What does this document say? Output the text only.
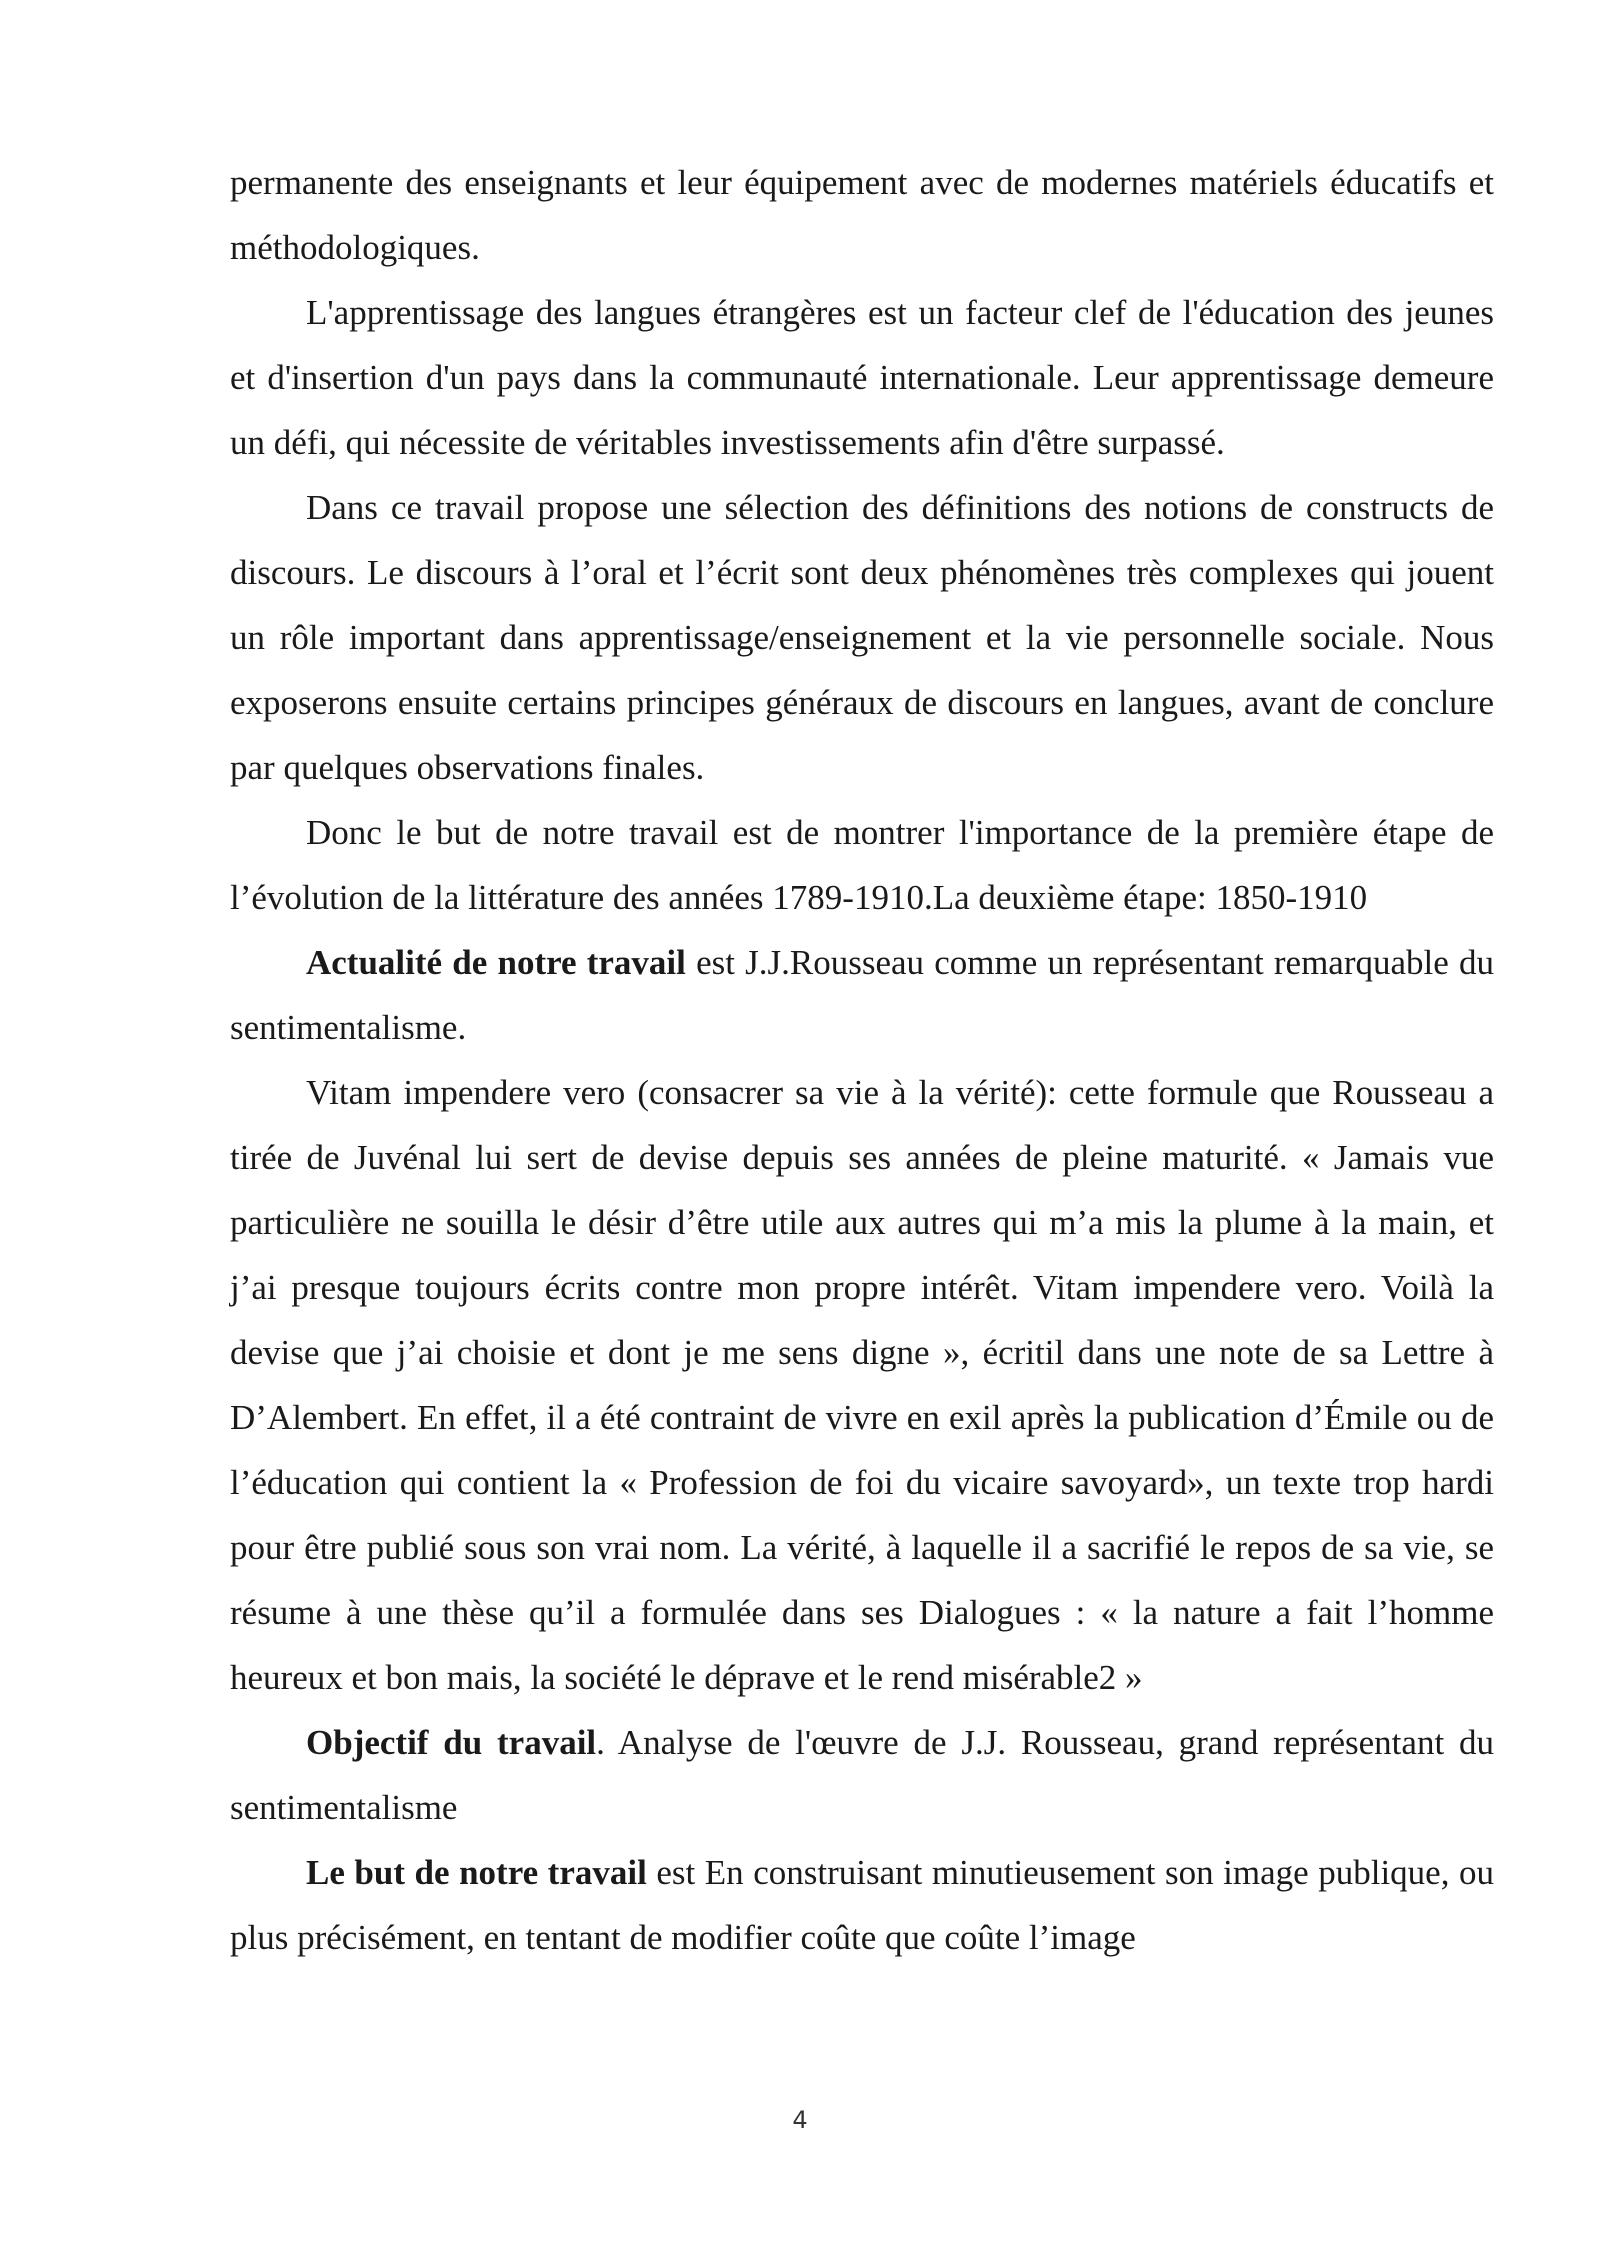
permanente des enseignants et leur équipement avec de modernes matériels éducatifs et méthodologiques.

L'apprentissage des langues étrangères est un facteur clef de l'éducation des jeunes et d'insertion d'un pays dans la communauté internationale. Leur apprentissage demeure un défi, qui nécessite de véritables investissements afin d'être surpassé.

Dans ce travail propose une sélection des définitions des notions de constructs de discours. Le discours à l’oral et l’écrit sont deux phénomènes très complexes qui jouent un rôle important dans apprentissage/enseignement et la vie personnelle sociale. Nous exposerons ensuite certains principes généraux de discours en langues, avant de conclure par quelques observations finales.

Donc le but de notre travail est de montrer l'importance de la première étape de l’évolution de la littérature des années 1789-1910.La deuxième étape: 1850-1910

Actualité de notre travail est J.J.Rousseau comme un représentant remarquable du sentimentalisme.

Vitam impendere vero (consacrer sa vie à la vérité): cette formule que Rousseau a tirée de Juvénal lui sert de devise depuis ses années de pleine maturité. « Jamais vue particulière ne souilla le désir d’être utile aux autres qui m’a mis la plume à la main, et j’ai presque toujours écrits contre mon propre intérêt. Vitam impendere vero. Voilà la devise que j’ai choisie et dont je me sens digne », écritil dans une note de sa Lettre à D’Alembert. En effet, il a été contraint de vivre en exil après la publication d’Émile ou de l’éducation qui contient la « Profession de foi du vicaire savoyard», un texte trop hardi pour être publié sous son vrai nom. La vérité, à laquelle il a sacrifié le repos de sa vie, se résume à une thèse qu’il a formulée dans ses Dialogues : « la nature a fait l’homme heureux et bon mais, la société le déprave et le rend misérable2 »

Objectif du travail. Analyse de l'œuvre de J.J. Rousseau, grand représentant du sentimentalisme

Le but de notre travail est En construisant minutieusement son image publique, ou plus précisément, en tentant de modifier coûte que coûte l’image

4
